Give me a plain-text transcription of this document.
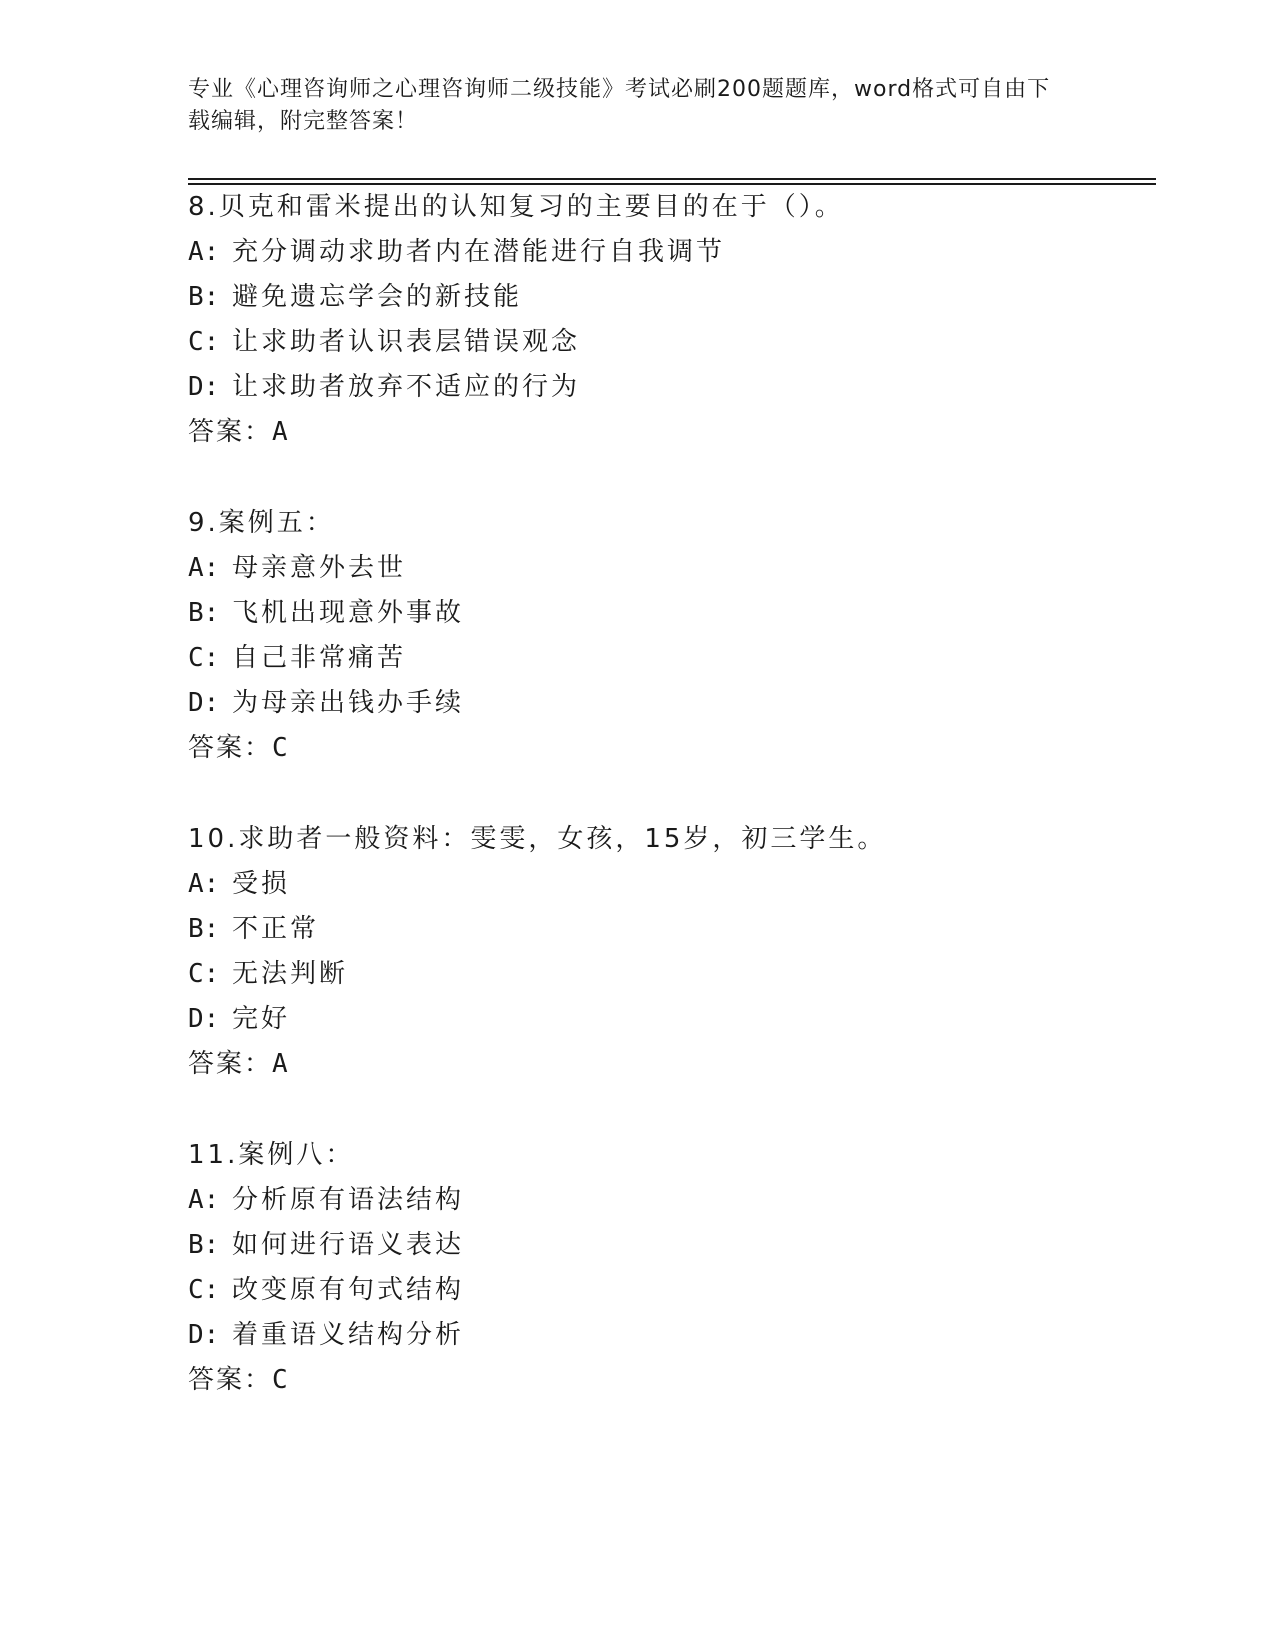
专业《心理咨询师之心理咨询师二级技能》考试必刷200题题库，word格式可自由下载编辑，附完整答案！
8.贝克和雷米提出的认知复习的主要目的在于（）。
A: 充分调动求助者内在潜能进行自我调节
B: 避免遗忘学会的新技能
C: 让求助者认识表层错误观念
D: 让求助者放弃不适应的行为
答案：A
9.案例五：
A: 母亲意外去世
B: 飞机出现意外事故
C: 自己非常痛苦
D: 为母亲出钱办手续
答案：C
10.求助者一般资料：雯雯，女孩，15岁，初三学生。
A: 受损
B: 不正常
C: 无法判断
D: 完好
答案：A
11.案例八：
A: 分析原有语法结构
B: 如何进行语义表达
C: 改变原有句式结构
D: 着重语义结构分析
答案：C
